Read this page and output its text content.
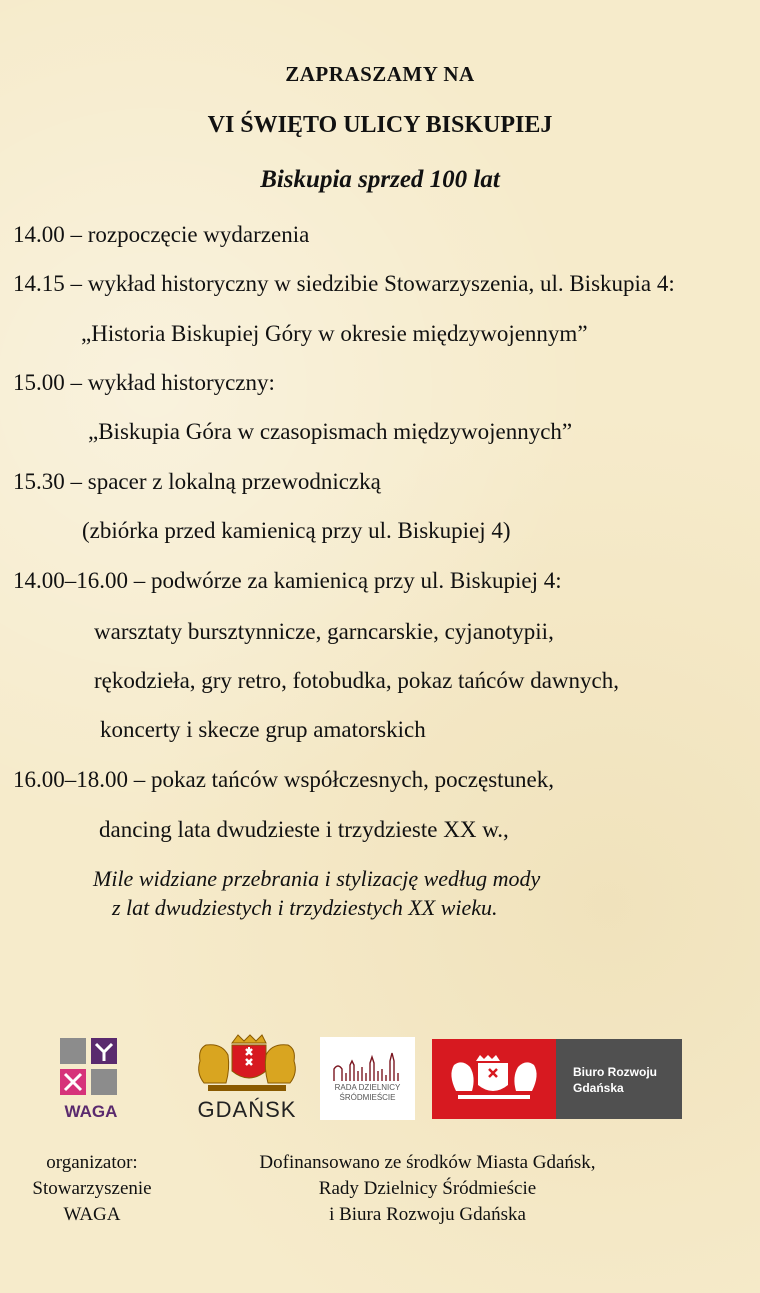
ZAPRASZAMY NA
VI ŚWIĘTO ULICY BISKUPIEJ
Biskupia sprzed 100 lat
14.00 – rozpoczęcie wydarzenia
14.15 – wykład historyczny w siedzibie Stowarzyszenia, ul. Biskupia 4:
„Historia Biskupiej Góry w okresie międzywojennym”
15.00 – wykład historyczny:
„Biskupia Góra w czasopismach międzywojennych”
15.30 – spacer z lokalną przewodniczką
(zbiórka przed kamienicą przy ul. Biskupiej 4)
14.00–16.00 – podwórze za kamienicą przy ul. Biskupiej 4:
warsztaty bursztynnicze, garncarskie, cyjanotypii,
rękodzieła, gry retro, fotobudka, pokaz tańców dawnych,
koncerty i skecze grup amatorskich
16.00–18.00 – pokaz tańców współczesnych, poczęstunek,
dancing lata dwudzieste i trzydzieste XX w.,
Mile widziane przebrania i stylizację według mody
z lat dwudziestych i trzydziestych XX wieku.
WAGA	GDAŃSK
RADA DZIELNICY
ŚRÓDMIEŚCIE
Biuro Rozwoju
Gdańska
organizator:
Stowarzyszenie
WAGA
Dofinansowano ze środków Miasta Gdańsk,
Rady Dzielnicy Śródmieście
i Biura Rozwoju Gdańska
